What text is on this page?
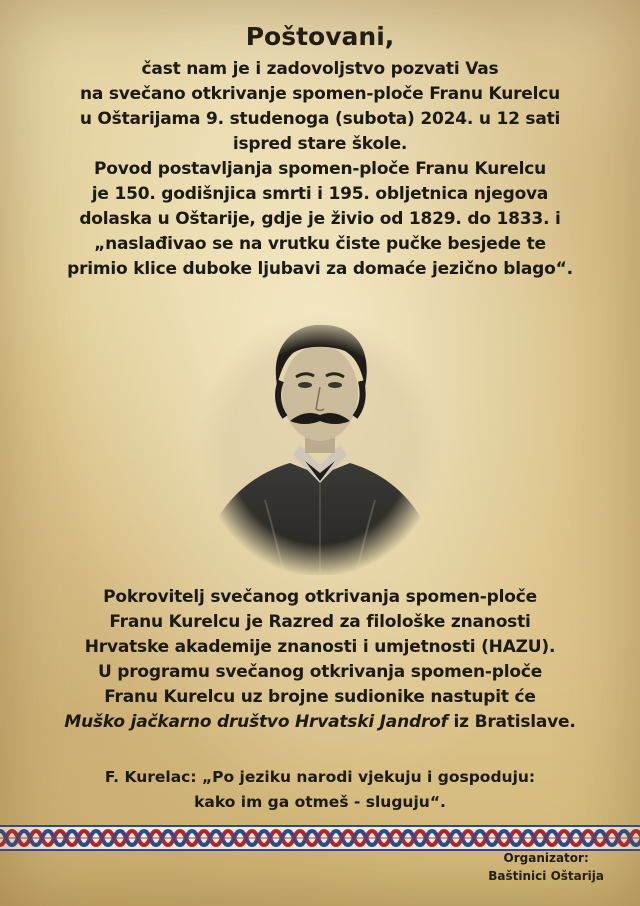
Poštovani,
čast nam je i zadovoljstvo pozvati Vas
na svečano otkrivanje spomen-ploče Franu Kurelcu
u Oštarijama 9. studenoga (subota) 2024. u 12 sati
ispred stare škole.
Povod postavljanja spomen-ploče Franu Kurelcu
je 150. godišnjica smrti i 195. obljetnica njegova
dolaska u Oštarije, gdje je živio od 1829. do 1833. i
„naslađivao se na vrutku čiste pučke besjede te
primio klice duboke ljubavi za domaće jezično blago“.
Pokrovitelj svečanog otkrivanja spomen-ploče
Franu Kurelcu je Razred za filološke znanosti
Hrvatske akademije znanosti i umjetnosti (HAZU).
U programu svečanog otkrivanja spomen-ploče
Franu Kurelcu uz brojne sudionike nastupit će
Muško jačkarno društvo Hrvatski Jandrof iz Bratislave.
F. Kurelac: „Po jeziku narodi vjekuju i gospoduju:
kako im ga otmeš - sluguju“.
Organizator:
Baštinici Oštarija
